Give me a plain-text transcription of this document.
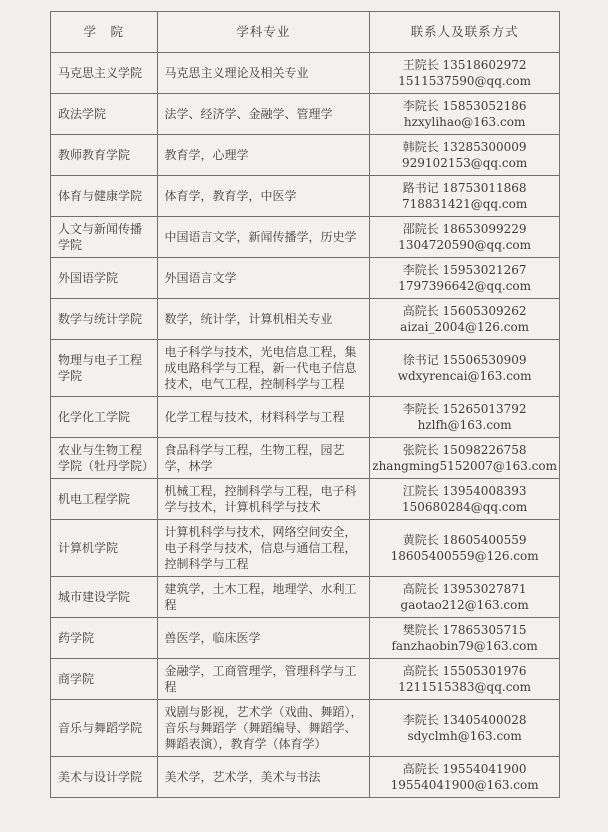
学　院	学科专业	联系人及联系方式
马克思主义学院	马克思主义理论及相关专业	王院长 13518602972
1511537590@qq.com

政法学院	法学、经济学、金融学、管理学	李院长 15853052186
hzxylihao@163.com

教师教育学院	教育学，心理学	韩院长 13285300009
929102153@qq.com

体育与健康学院	体育学，教育学，中医学	路书记 18753011868
718831421@qq.com

人文与新闻传播学院	中国语言文学，新闻传播学，历史学	邵院长 18653099229
1304720590@qq.com

外国语学院	外国语言文学	李院长 15953021267
1797396642@qq.com

数学与统计学院	数学，统计学，计算机相关专业	高院长 15605309262
aizai_2004@126.com

物理与电子工程学院	电子科学与技术，光电信息工程，集成电路科学与工程，新一代电子信息技术，电气工程，控制科学与工程	徐书记 15506530909
wdxyrencai@163.com

化学化工学院	化学工程与技术，材料科学与工程	李院长 15265013792
hzlfh@163.com

农业与生物工程学院（牡丹学院）	食品科学与工程，生物工程，园艺学，林学	张院长 15098226758
zhangming5152007@163.com

机电工程学院	机械工程，控制科学与工程，电子科学与技术，计算机科学与技术	江院长 13954008393
150680284@qq.com

计算机学院	计算机科学与技术，网络空间安全，电子科学与技术，信息与通信工程，控制科学与工程	黄院长 18605400559
18605400559@126.com

城市建设学院	建筑学，土木工程，地理学、水利工程	高院长 13953027871
gaotao212@163.com

药学院	兽医学，临床医学	樊院长 17865305715
fanzhaobin79@163.com

商学院	金融学，工商管理学，管理科学与工程	高院长 15505301976
1211515383@qq.com

音乐与舞蹈学院	戏剧与影视，艺术学（戏曲、舞蹈），音乐与舞蹈学（舞蹈编导、舞蹈学、舞蹈表演），教育学（体育学）	李院长 13405400028
sdyclmh@163.com

美术与设计学院	美术学，艺术学，美术与书法	高院长 19554041900
19554041900@163.com
